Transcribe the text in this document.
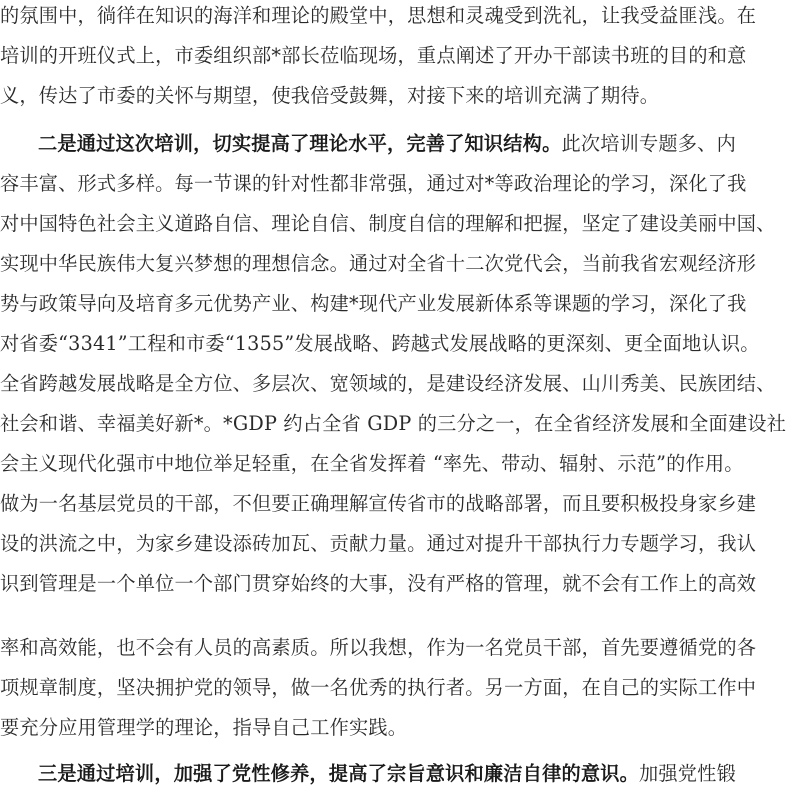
的氛围中，徜徉在知识的海洋和理论的殿堂中，思想和灵魂受到洗礼，让我受益匪浅。在
培训的开班仪式上，市委组织部*部长莅临现场，重点阐述了开办干部读书班的目的和意
义，传达了市委的关怀与期望，使我倍受鼓舞，对接下来的培训充满了期待。
二是通过这次培训，切实提高了理论水平，完善了知识结构。此次培训专题多、内
容丰富、形式多样。每一节课的针对性都非常强，通过对*等政治理论的学习，深化了我
对中国特色社会主义道路自信、理论自信、制度自信的理解和把握，坚定了建设美丽中国、
实现中华民族伟大复兴梦想的理想信念。通过对全省十二次党代会，当前我省宏观经济形
势与政策导向及培育多元优势产业、构建*现代产业发展新体系等课题的学习，深化了我
对省委“3341”工程和市委“1355”发展战略、跨越式发展战略的更深刻、更全面地认识。
全省跨越发展战略是全方位、多层次、宽领域的，是建设经济发展、山川秀美、民族团结、
社会和谐、幸福美好新*。*GDP 约占全省 GDP 的三分之一，在全省经济发展和全面建设社
会主义现代化强市中地位举足轻重，在全省发挥着 “率先、带动、辐射、示范”的作用。
做为一名基层党员的干部，不但要正确理解宣传省市的战略部署，而且要积极投身家乡建
设的洪流之中，为家乡建设添砖加瓦、贡献力量。通过对提升干部执行力专题学习，我认
识到管理是一个单位一个部门贯穿始终的大事，没有严格的管理，就不会有工作上的高效
率和高效能，也不会有人员的高素质。所以我想，作为一名党员干部，首先要遵循党的各
项规章制度，坚决拥护党的领导，做一名优秀的执行者。另一方面，在自己的实际工作中
要充分应用管理学的理论，指导自己工作实践。
三是通过培训，加强了党性修养，提高了宗旨意识和廉洁自律的意识。加强党性锻
